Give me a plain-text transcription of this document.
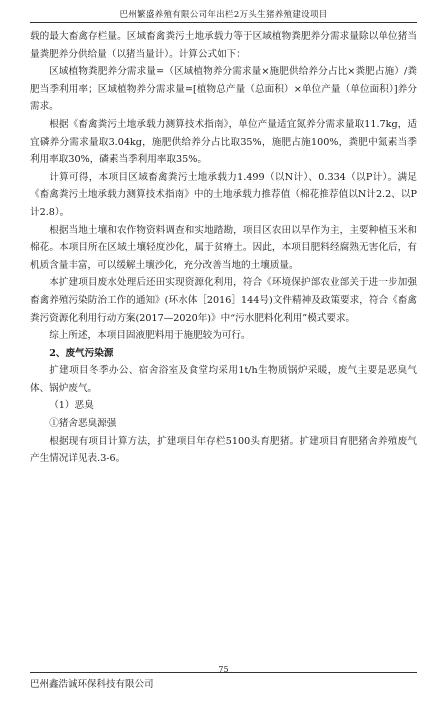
巴州繁盛养殖有限公司年出栏2万头生猪养殖建设项目

载的最大畜禽存栏量。区域畜禽粪污土地承载力等于区域植物粪肥养分需求量除以单位猪当量粪肥养分供给量（以猪当量计）。计算公式如下：

区域植物粪肥养分需求量=（区域植物养分需求量×施肥供给养分占比×粪肥占施）/粪肥当季利用率；区域植物养分需求量=[植物总产量（总面积）×单位产量（单位面积）]养分需求。

根据《畜禽粪污土地承载力测算技术指南》，单位产量适宜氮养分需求量取11.7kg，适宜磷养分需求量取3.04kg，施肥供给养分占比取35%，施肥占施100%，粪肥中氮素当季利用率取30%，磷素当季利用率取35%。

计算可得，本项目区域畜禽粪污土地承载力1.499（以N计）、0.334（以P计）。满足《畜禽粪污土地承载力测算技术指南》中的土地承载力推荐值（棉花推荐值以N计2.2、以P计2.8）。

根据当地土壤和农作物资料调查和实地踏勘，项目区农田以旱作为主，主要种植玉米和棉花。本项目所在区域土壤轻度沙化，属于贫瘠土。因此，本项目肥料经腐熟无害化后，有机质含量丰富，可以缓解土壤沙化，充分改善当地的土壤质量。

本扩建项目废水处理后还田实现资源化利用，符合《环境保护部农业部关于进一步加强畜禽养殖污染防治工作的通知》(环水体［2016］144号)文件精神及政策要求，符合《畜禽粪污资源化利用行动方案(2017—2020年)》中“污水肥料化利用”模式要求。

综上所述，本项目固液肥料用于施肥较为可行。

2、废气污染源

扩建项目冬季办公、宿舍浴室及食堂均采用1t/h生物质锅炉采暖，废气主要是恶臭气体、锅炉废气。

（1）恶臭

①猪舍恶臭源强

根据现有项目计算方法，扩建项目年存栏5100头育肥猪。扩建项目育肥猪舍养殖废气产生情况详见表.3-6。

75
巴州鑫浩诚环保科技有限公司
